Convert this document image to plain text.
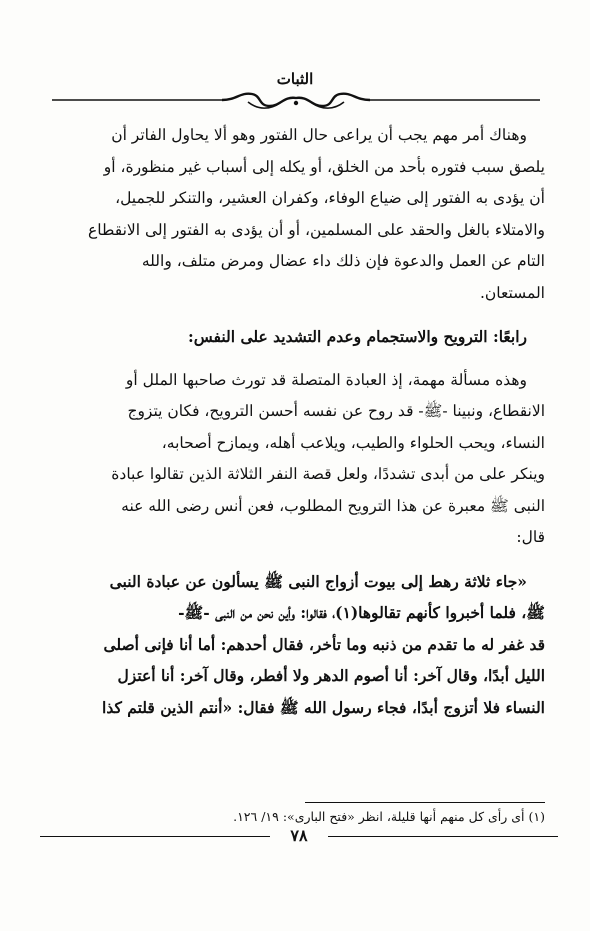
الثبات
وهناك أمر مهم يجب أن يراعى حال الفتور وهو ألا يحاول الفاتر أن
يلصق سبب فتوره بأحد من الخلق، أو يكله إلى أسباب غير منظورة، أو
أن يؤدى به الفتور إلى ضياع الوفاء، وكفران العشير، والتنكر للجميل،
والامتلاء بالغل والحقد على المسلمين، أو أن يؤدى به الفتور إلى الانقطاع
التام عن العمل والدعوة فإن ذلك داء عضال ومرض متلف، والله
المستعان.
رابعًا: الترويح والاستجمام وعدم التشديد على النفس:
وهذه مسألة مهمة، إذ العبادة المتصلة قد تورث صاحبها الملل أو
الانقطاع، ونبينا -ﷺ- قد روح عن نفسه أحسن الترويح، فكان يتزوج
النساء، ويحب الحلواء والطيب، ويلاعب أهله، ويمازح أصحابه،
وينكر على من أبدى تشددًا، ولعل قصة النفر الثلاثة الذين تقالوا عبادة
النبى ﷺ معبرة عن هذا الترويح المطلوب، فعن أنس رضى الله عنه
قال:
«جاء ثلاثة رهط إلى بيوت أزواج النبى ﷺ يسألون عن عبادة النبى
ﷺ، فلما أخبروا كأنهم تقالوها(١)، فقالوا: وأين نحن من النبى -ﷺ-
قد غفر له ما تقدم من ذنبه وما تأخر، فقال أحدهم: أما أنا فإنى أصلى
الليل أبدًا، وقال آخر: أنا أصوم الدهر ولا أفطر، وقال آخر: أنا أعتزل
النساء فلا أتزوج أبدًا، فجاء رسول الله ﷺ فقال: «أنتم الذين قلتم كذا
(١) أى رأى كل منهم أنها قليلة، انظر «فتح البارى»: ١٩/ ١٢٦.
٧٨
